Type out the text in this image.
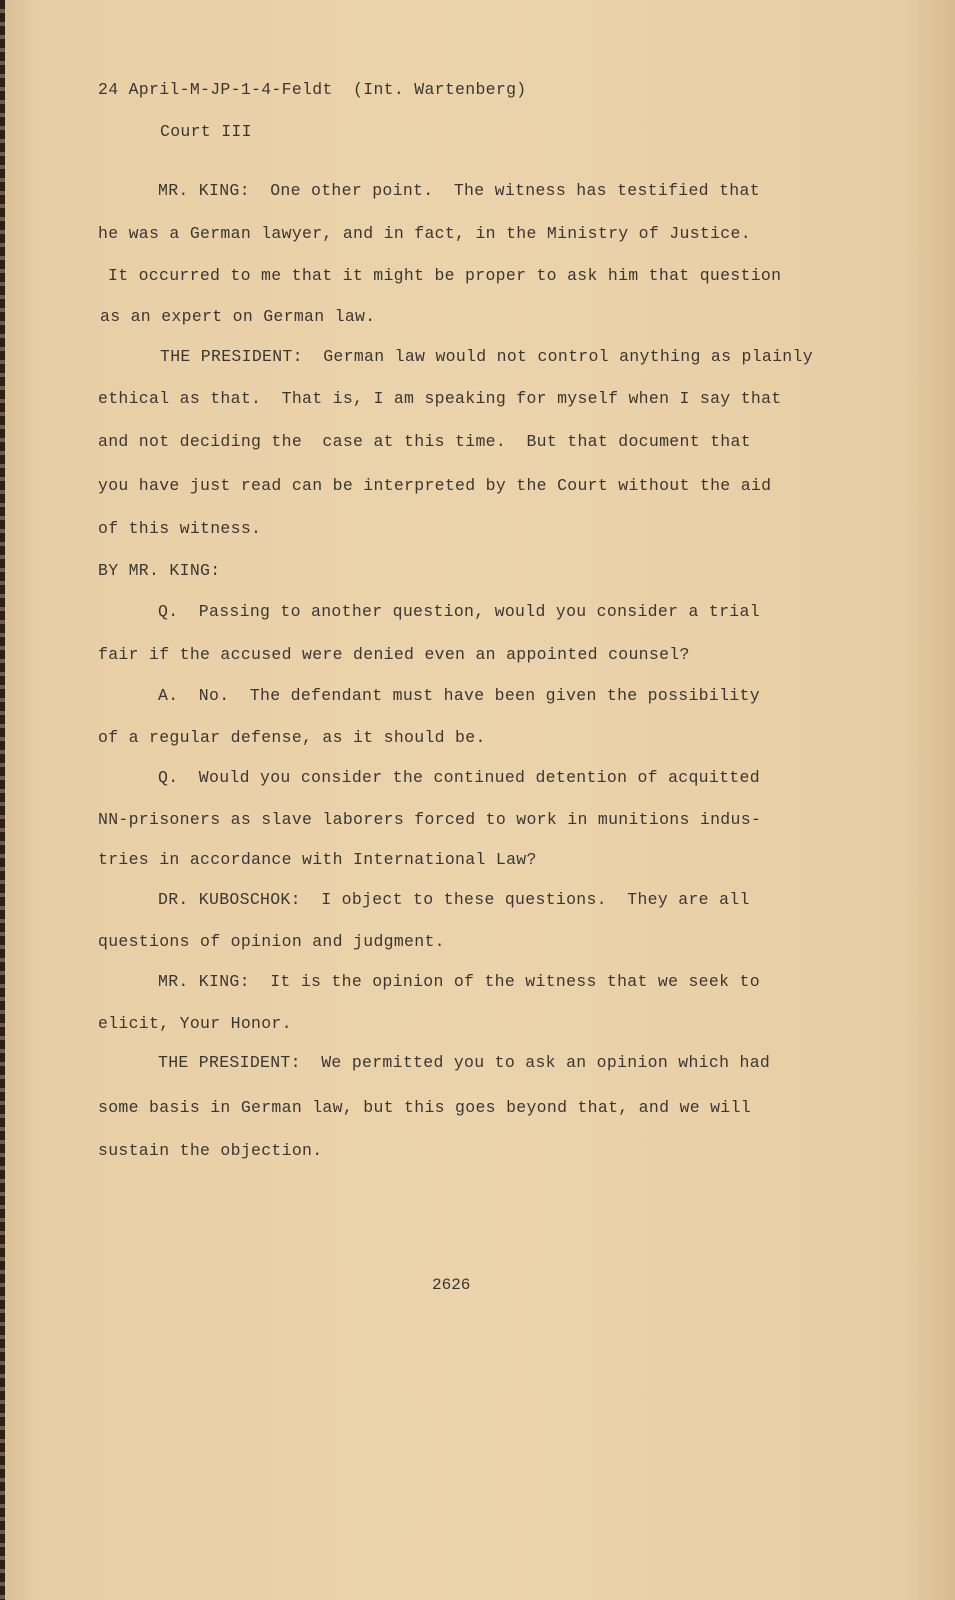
24 April-M-JP-1-4-Feldt  (Int. Wartenberg)
Court III
MR. KING:  One other point.  The witness has testified that
he was a German lawyer, and in fact, in the Ministry of Justice.
It occurred to me that it might be proper to ask him that question
as an expert on German law.
THE PRESIDENT:  German law would not control anything as plainly
ethical as that.  That is, I am speaking for myself when I say that
and not deciding the  case at this time.  But that document that
you have just read can be interpreted by the Court without the aid
of this witness.
BY MR. KING:
Q.  Passing to another question, would you consider a trial
fair if the accused were denied even an appointed counsel?
A.  No.  The defendant must have been given the possibility
of a regular defense, as it should be.
Q.  Would you consider the continued detention of acquitted
NN-prisoners as slave laborers forced to work in munitions indus-
tries in accordance with International Law?
DR. KUBOSCHOK:  I object to these questions.  They are all
questions of opinion and judgment.
MR. KING:  It is the opinion of the witness that we seek to
elicit, Your Honor.
THE PRESIDENT:  We permitted you to ask an opinion which had
some basis in German law, but this goes beyond that, and we will
sustain the objection.
2626
